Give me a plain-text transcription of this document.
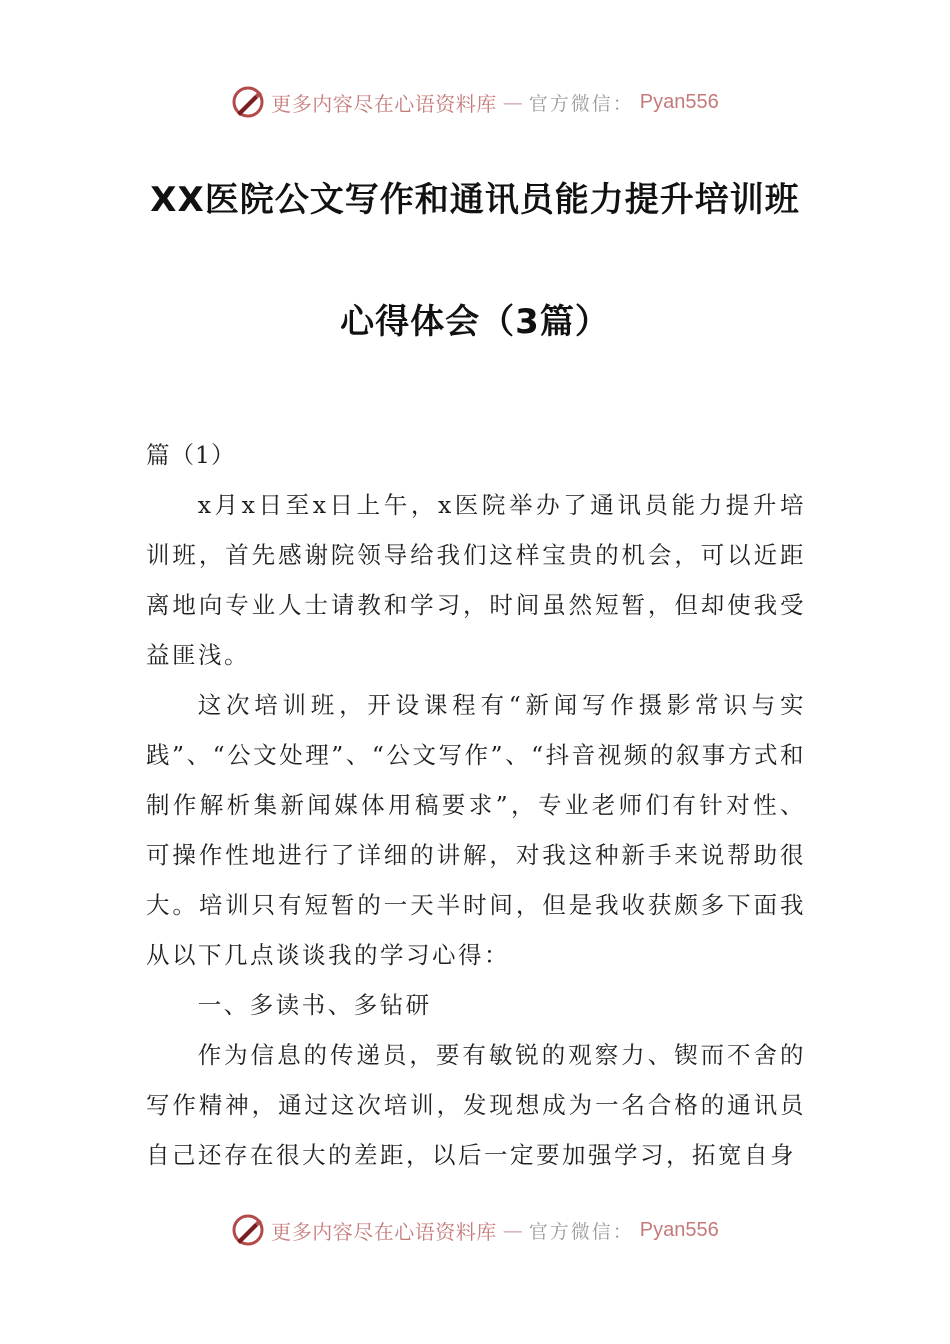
更多内容尽在心语资料库 — 官方微信： Pyan556
XX医院公文写作和通讯员能力提升培训班
心得体会（3篇）

篇（1）

x月x日至x日上午，x医院举办了通讯员能力提升培训班，首先感谢院领导给我们这样宝贵的机会，可以近距离地向专业人士请教和学习，时间虽然短暂，但却使我受益匪浅。

这次培训班，开设课程有“新闻写作摄影常识与实践”、“公文处理”、“公文写作”、“抖音视频的叙事方式和制作解析集新闻媒体用稿要求”，专业老师们有针对性、可操作性地进行了详细的讲解，对我这种新手来说帮助很大。培训只有短暂的一天半时间，但是我收获颇多下面我从以下几点谈谈我的学习心得：

一、多读书、多钻研

作为信息的传递员，要有敏锐的观察力、锲而不舍的写作精神，通过这次培训，发现想成为一名合格的通讯员自己还存在很大的差距，以后一定要加强学习，拓宽自身

更多内容尽在心语资料库 — 官方微信： Pyan556
